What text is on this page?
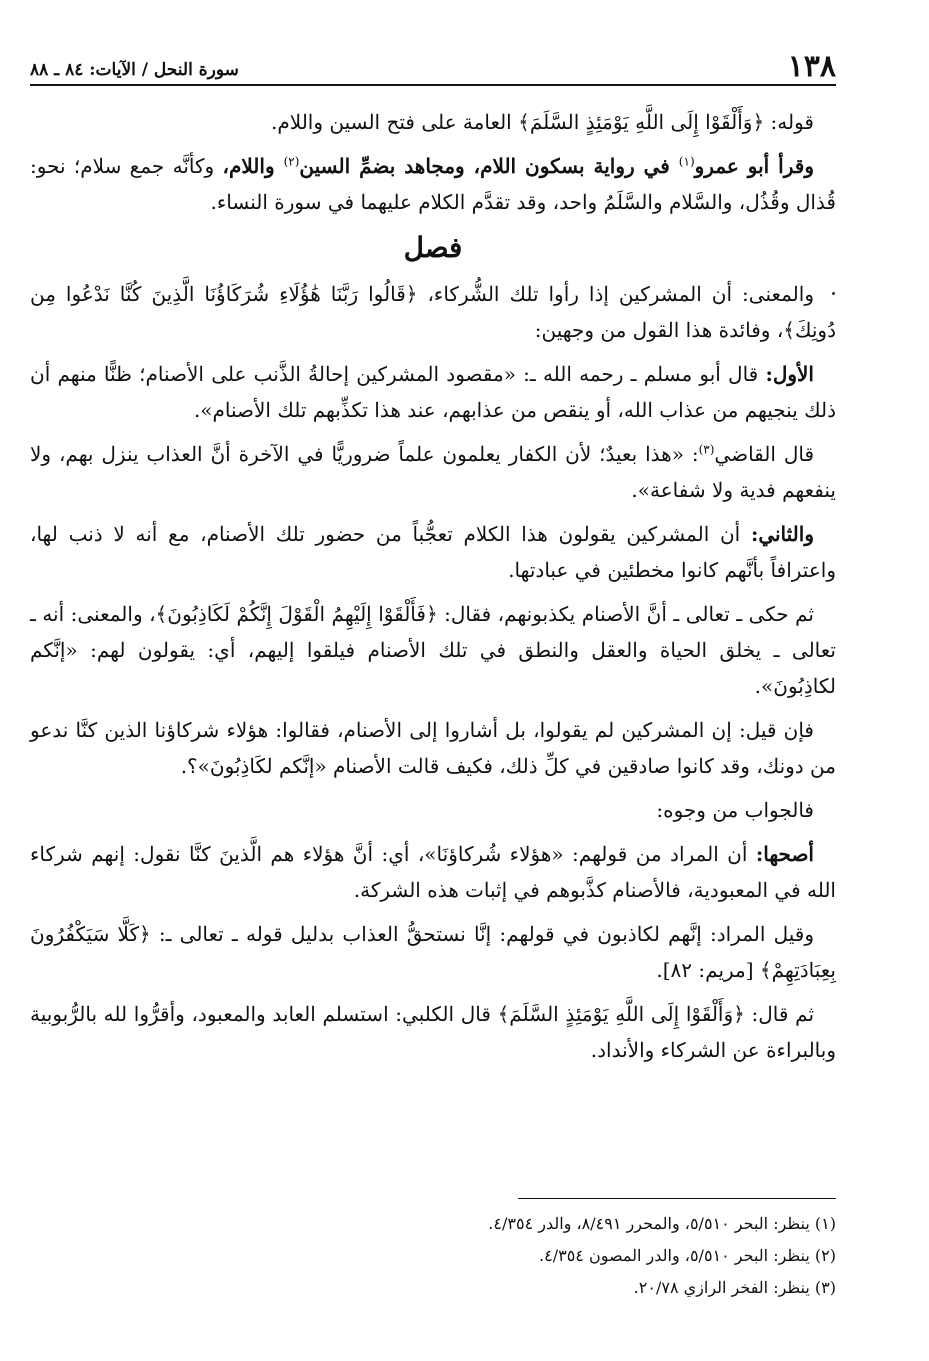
١٣٨
سورة النحل / الآيات: ٨٤ ـ ٨٨

قوله: ﴿وَأَلْقَوْا إِلَى اللَّهِ يَوْمَئِذٍ السَّلَمَ﴾ العامة على فتح السين واللام.

وقرأ أبو عمرو$^{(١)}$ في رواية بسكون اللام، ومجاهد بضمِّ السين$^{(٢)}$ واللام، وكأنَّه جمع سلام؛ نحو: قُذال وقُذُل، والسَّلام والسَّلَمُ واحد، وقد تقدَّم الكلام عليهما في سورة النساء.

فصل

والمعنى: أن المشركين إذا رأوا تلك الشُّركاء، ﴿قَالُوا رَبَّنَا هَٰؤُلَاءِ شُرَكَاؤُنَا الَّذِينَ كُنَّا نَدْعُوا مِن دُونِكَ﴾، وفائدة هذا القول من وجهين:

الأول: قال أبو مسلم ـ رحمه الله ـ: «مقصود المشركين إحالةُ الذَّنب على الأصنام؛ ظنًّا منهم أن ذلك ينجيهم من عذاب الله، أو ينقص من عذابهم، عند هذا تكذِّبهم تلك الأصنام».

قال القاضي$^{(٣)}$: «هذا بعيدٌ؛ لأن الكفار يعلمون علماً ضروريًّا في الآخرة أنَّ العذاب ينزل بهم، ولا ينفعهم فدية ولا شفاعة».

والثاني: أن المشركين يقولون هذا الكلام تعجُّباً من حضور تلك الأصنام، مع أنه لا ذنب لها، واعترافاً بأنَّهم كانوا مخطئين في عبادتها.

ثم حكى ـ تعالى ـ أنَّ الأصنام يكذبونهم، فقال: ﴿فَأَلْقَوْا إِلَيْهِمُ الْقَوْلَ إِنَّكُمْ لَكَاذِبُونَ﴾، والمعنى: أنه ـ تعالى ـ يخلق الحياة والعقل والنطق في تلك الأصنام فيلقوا إليهم، أي: يقولون لهم: «إنَّكم لكاذِبُونَ».

فإن قيل: إن المشركين لم يقولوا، بل أشاروا إلى الأصنام، فقالوا: هؤلاء شركاؤنا الذين كنَّا ندعو من دونك، وقد كانوا صادقين في كلِّ ذلك، فكيف قالت الأصنام «إنَّكم لكَاذِبُونَ»؟.

فالجواب من وجوه:

أصحها: أن المراد من قولهم: «هؤلاء شُركاؤنَا»، أي: أنَّ هؤلاء هم الَّذينَ كنَّا نقول: إنهم شركاء الله في المعبودية، فالأصنام كذَّبوهم في إثبات هذه الشركة.

وقيل المراد: إنَّهم لكاذبون في قولهم: إنَّا نستحقُّ العذاب بدليل قوله ـ تعالى ـ: ﴿كَلَّا سَيَكْفُرُونَ بِعِبَادَتِهِمْ﴾ [مريم: ٨٢].

ثم قال: ﴿وَأَلْقَوْا إِلَى اللَّهِ يَوْمَئِذٍ السَّلَمَ﴾ قال الكلبي: استسلم العابد والمعبود، وأقرُّوا لله بالرُّبوبية وبالبراءة عن الشركاء والأنداد.

(١) ينظر: البحر ٥/٥١٠، والمحرر ٨/٤٩١، والدر ٤/٣٥٤.

(٢) ينظر: البحر ٥/٥١٠، والدر المصون ٤/٣٥٤.

(٣) ينظر: الفخر الرازي ٢٠/٧٨.
